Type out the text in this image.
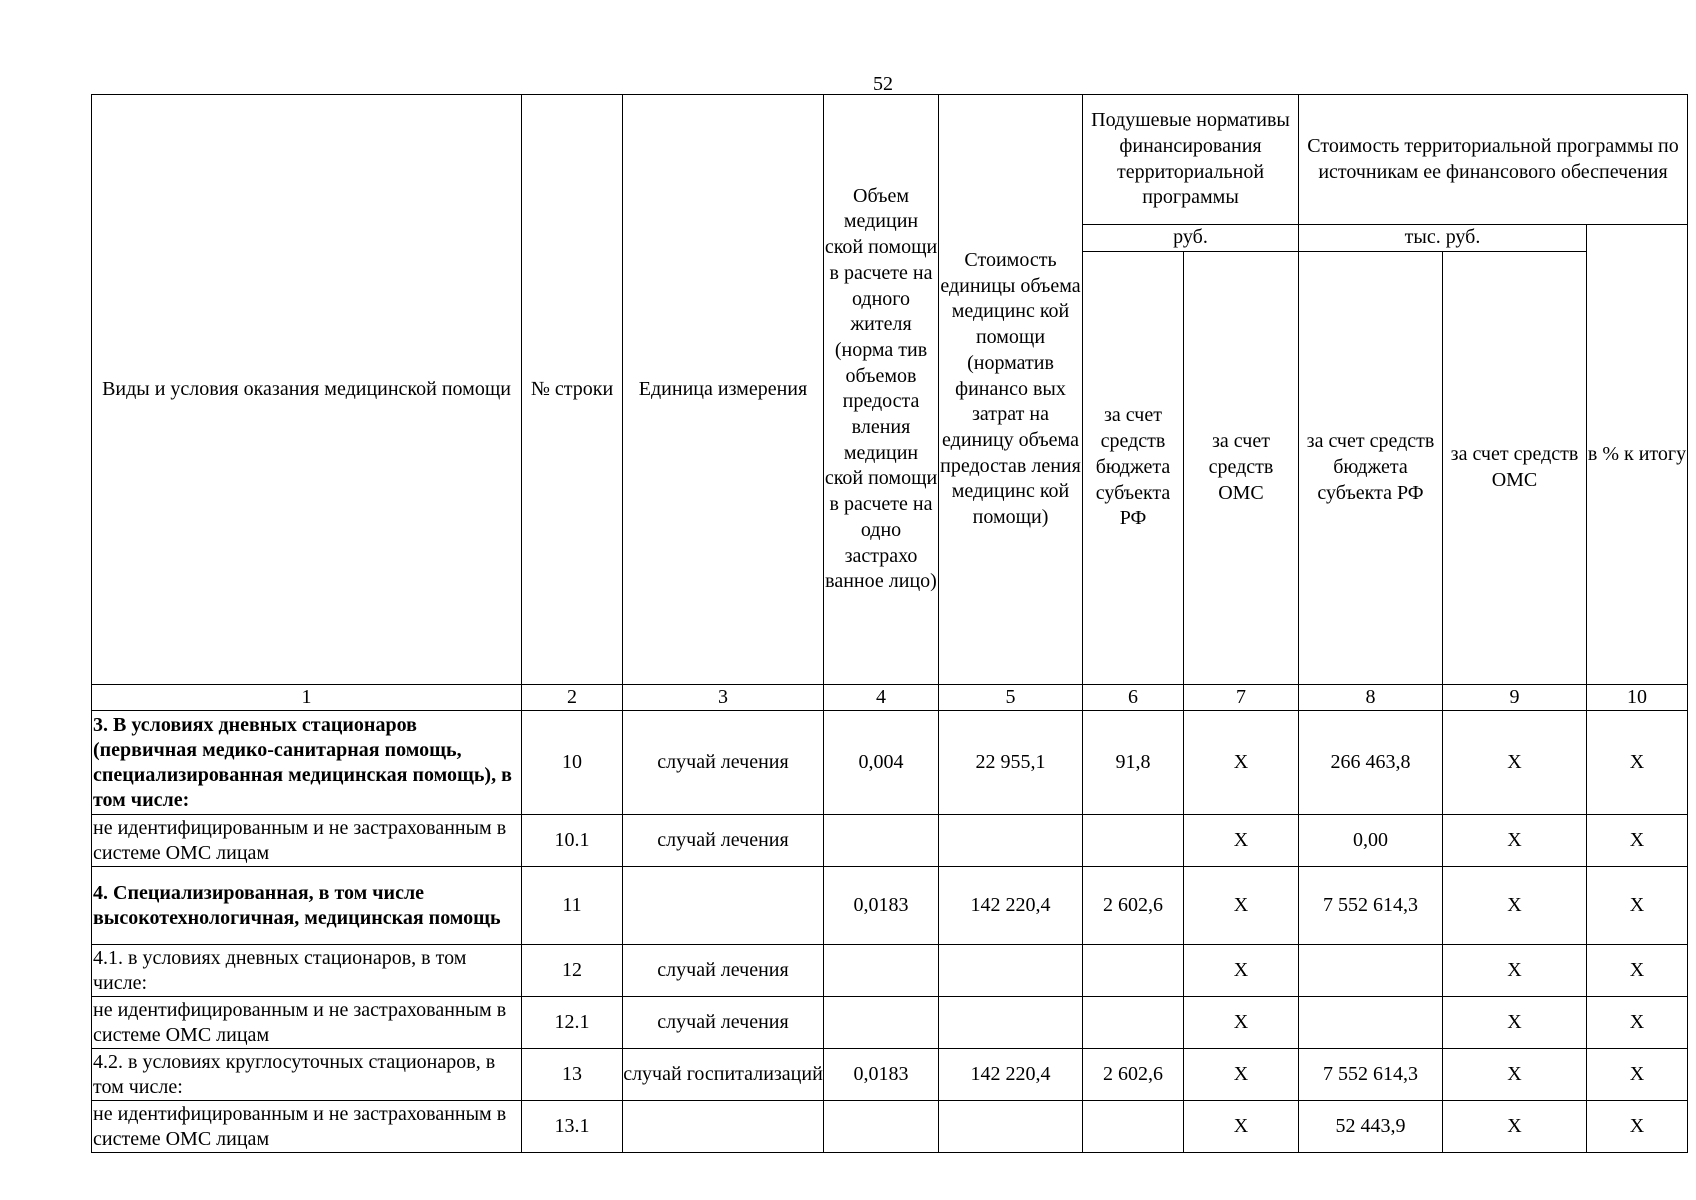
52
Виды и условия оказания медицинской помощи	№ строки	Единица измерения	Объем медицин ской помощи в расчете на одного жителя (норма тив объемов предоста вления медицин ской помощи в расчете на одно застрахо ванное лицо)	Стоимость единицы объема медицинс кой помощи (норматив финансо вых затрат на единицу объема предостав ления медицинс кой помощи)	Подушевые нормативы финансирования территориальной программы		Стоимость территориальной программы по источникам ее финансового обеспечения		
					руб.		тыс. руб.		в % к итогу
					за счет средств бюджета субъекта РФ	за счет средств ОМС	за счет средств бюджета субъекта РФ	за счет средств ОМС	
1	2	3	4	5	6	7	8	9	10
3. В условиях дневных стационаров (первичная медико-санитарная помощь, специализированная медицинская помощь), в том числе:	10	случай лечения	0,004	22 955,1	91,8	Х	266 463,8	Х	Х
не идентифицированным и не застрахованным в системе ОМС лицам	10.1	случай лечения				Х	0,00	Х	Х
4. Специализированная, в том числе высокотехнологичная, медицинская помощь	11		0,0183	142 220,4	2 602,6	Х	7 552 614,3	Х	Х
4.1. в условиях дневных стационаров, в том числе:	12	случай лечения				Х		Х	Х
не идентифицированным и не застрахованным в системе ОМС лицам	12.1	случай лечения				Х		Х	Х
4.2. в условиях круглосуточных стационаров, в том числе:	13	случай госпитализаций	0,0183	142 220,4	2 602,6	Х	7 552 614,3	Х	Х
не идентифицированным и не застрахованным в системе ОМС лицам	13.1					Х	52 443,9	Х	Х
